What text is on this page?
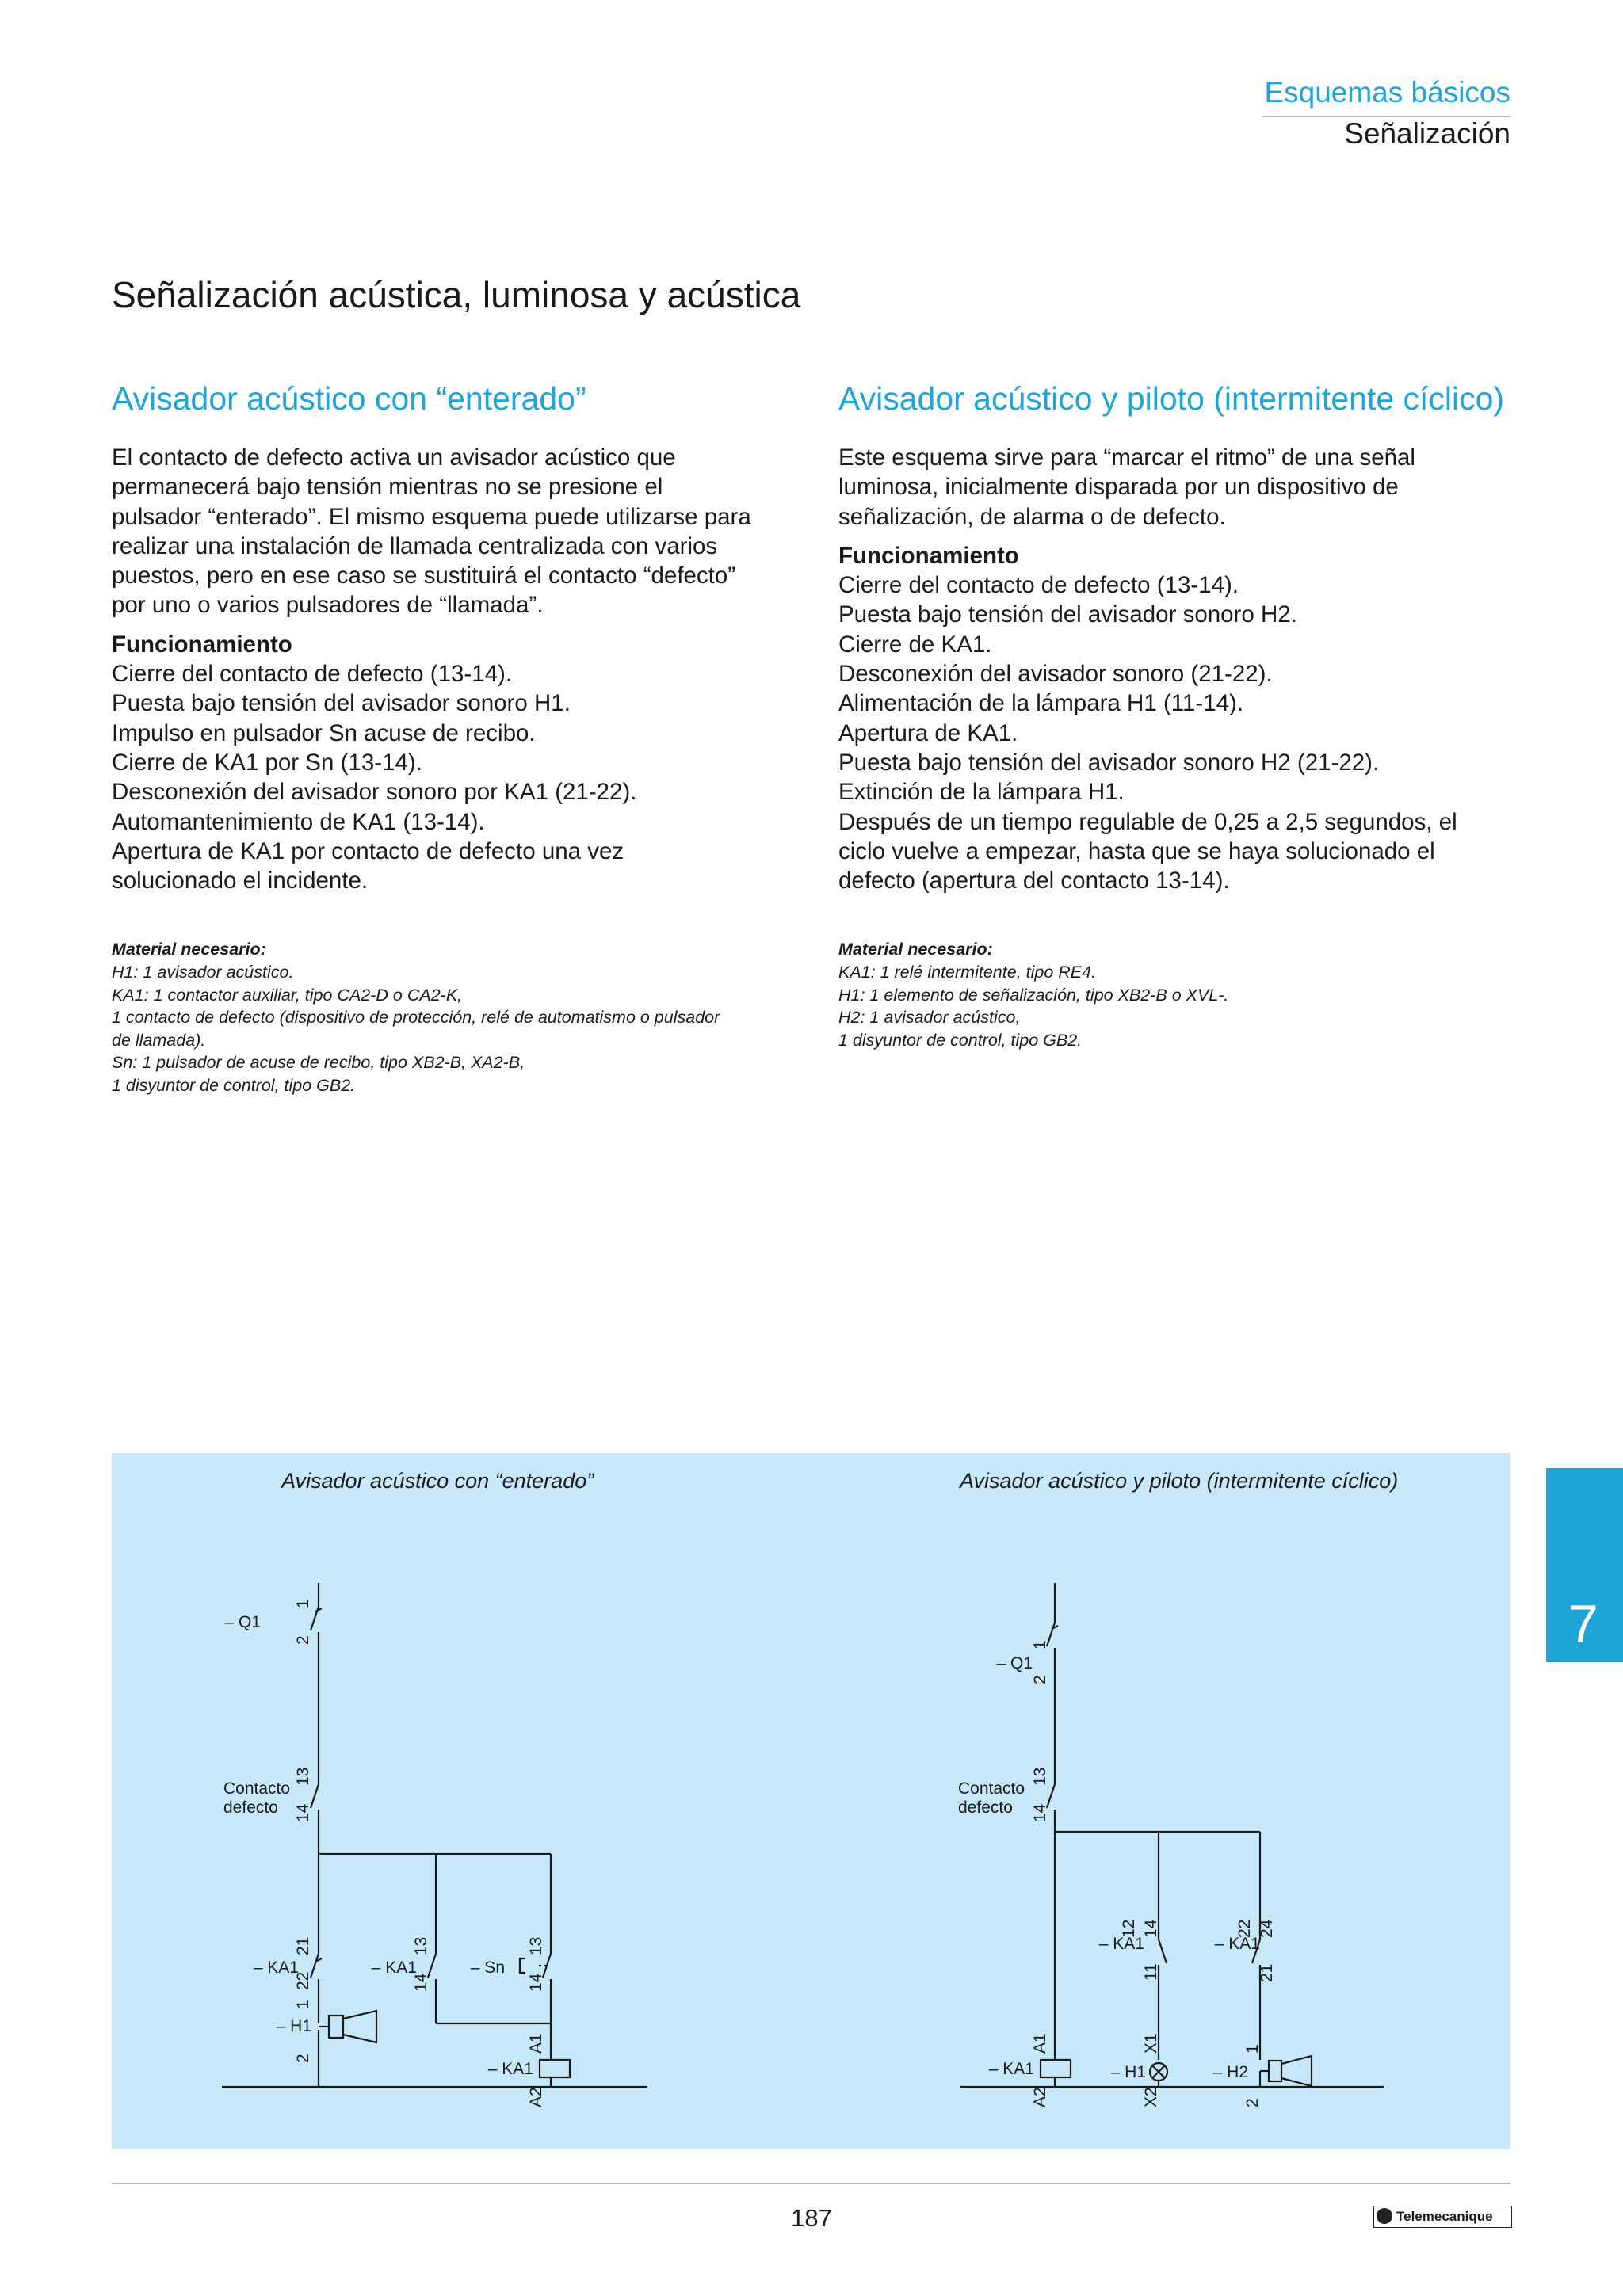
Esquemas básicos
Señalización
Señalización acústica, luminosa y acústica
Avisador acústico con “enterado”
El contacto de defecto activa un avisador acústico que
permanecerá bajo tensión mientras no se presione el
pulsador “enterado”. El mismo esquema puede utilizarse para
realizar una instalación de llamada centralizada con varios
puestos, pero en ese caso se sustituirá el contacto “defecto”
por uno o varios pulsadores de “llamada”.
Funcionamiento
Cierre del contacto de defecto (13-14).
Puesta bajo tensión del avisador sonoro H1.
Impulso en pulsador Sn acuse de recibo.
Cierre de KA1 por Sn (13-14).
Desconexión del avisador sonoro por KA1 (21-22).
Automantenimiento de KA1 (13-14).
Apertura de KA1 por contacto de defecto una vez
solucionado el incidente.
Material necesario:
H1: 1 avisador acústico.
KA1: 1 contactor auxiliar, tipo CA2-D o CA2-K,
1 contacto de defecto (dispositivo de protección, relé de automatismo o pulsador
de llamada).
Sn: 1 pulsador de acuse de recibo, tipo XB2-B, XA2-B,
1 disyuntor de control, tipo GB2.
Avisador acústico y piloto (intermitente cíclico)
Este esquema sirve para “marcar el ritmo” de una señal
luminosa, inicialmente disparada por un dispositivo de
señalización, de alarma o de defecto.
Funcionamiento
Cierre del contacto de defecto (13-14).
Puesta bajo tensión del avisador sonoro H2.
Cierre de KA1.
Desconexión del avisador sonoro (21-22).
Alimentación de la lámpara H1 (11-14).
Apertura de KA1.
Puesta bajo tensión del avisador sonoro H2 (21-22).
Extinción de la lámpara H1.
Después de un tiempo regulable de 0,25 a 2,5 segundos, el
ciclo vuelve a empezar, hasta que se haya solucionado el
defecto (apertura del contacto 13-14).
Material necesario:
KA1: 1 relé intermitente, tipo RE4.
H1: 1 elemento de señalización, tipo XB2-B o XVL-.
H2: 1 avisador acústico,
1 disyuntor de control, tipo GB2.
Avisador acústico con “enterado”	Avisador acústico y piloto (intermitente cíclico)
– Q1
1
2
Contacto
defecto
13
14
– KA1
21
22
– KA1
13
14
– Sn
13
14
– H1
1
2
– KA1
A1
A2
– Q1
1
2
Contacto
defecto
13
14
– KA1
A1
A2
– KA1
12 14
11
– KA1
22 24
21
– H1
X1
X2
– H2
1
2
7
187	Telemecanique
